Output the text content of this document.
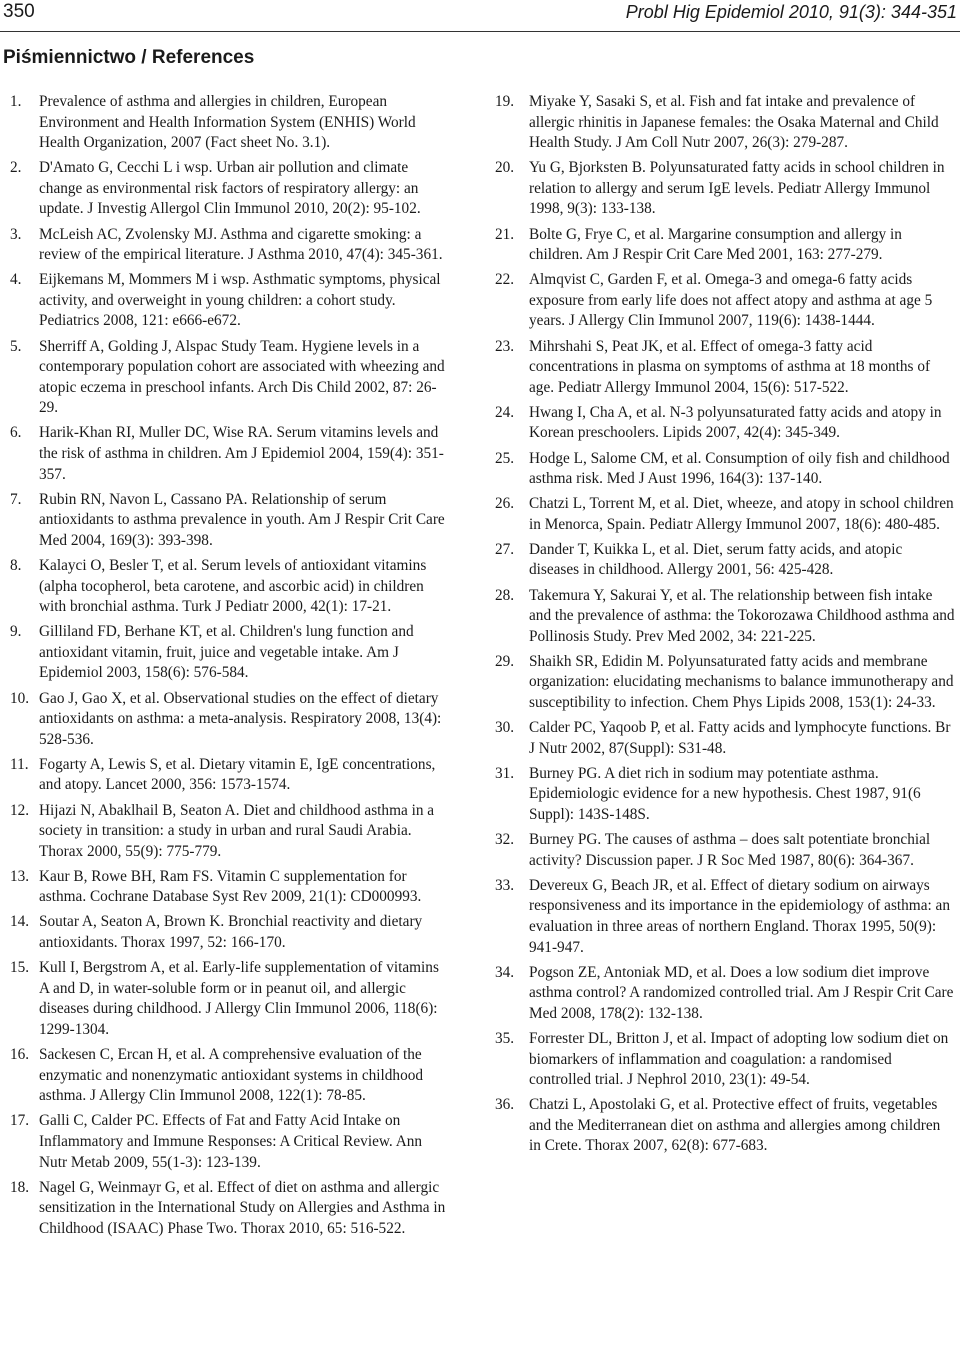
350	Probl Hig Epidemiol 2010, 91(3): 344-351
Piśmiennictwo / References
1. Prevalence of asthma and allergies in children, European Environment and Health Information System (ENHIS) World Health Organization, 2007 (Fact sheet No. 3.1).
2. D'Amato G, Cecchi L i wsp. Urban air pollution and climate change as environmental risk factors of respiratory allergy: an update. J Investig Allergol Clin Immunol 2010, 20(2): 95-102.
3. McLeish AC, Zvolensky MJ. Asthma and cigarette smoking: a review of the empirical literature. J Asthma 2010, 47(4): 345-361.
4. Eijkemans M, Mommers M i wsp. Asthmatic symptoms, physical activity, and overweight in young children: a cohort study. Pediatrics 2008, 121: e666-e672.
5. Sherriff A, Golding J, Alspac Study Team. Hygiene levels in a contemporary population cohort are associated with wheezing and atopic eczema in preschool infants. Arch Dis Child 2002, 87: 26-29.
6. Harik-Khan RI, Muller DC, Wise RA. Serum vitamins levels and the risk of asthma in children. Am J Epidemiol 2004, 159(4): 351-357.
7. Rubin RN, Navon L, Cassano PA. Relationship of serum antioxidants to asthma prevalence in youth. Am J Respir Crit Care Med 2004, 169(3): 393-398.
8. Kalayci O, Besler T, et al. Serum levels of antioxidant vitamins (alpha tocopherol, beta carotene, and ascorbic acid) in children with bronchial asthma. Turk J Pediatr 2000, 42(1): 17-21.
9. Gilliland FD, Berhane KT, et al. Children's lung function and antioxidant vitamin, fruit, juice and vegetable intake. Am J Epidemiol 2003, 158(6): 576-584.
10. Gao J, Gao X, et al. Observational studies on the effect of dietary antioxidants on asthma: a meta-analysis. Respiratory 2008, 13(4): 528-536.
11. Fogarty A, Lewis S, et al. Dietary vitamin E, IgE concentrations, and atopy. Lancet 2000, 356: 1573-1574.
12. Hijazi N, Abaklhail B, Seaton A. Diet and childhood asthma in a society in transition: a study in urban and rural Saudi Arabia. Thorax 2000, 55(9): 775-779.
13. Kaur B, Rowe BH, Ram FS. Vitamin C supplementation for asthma. Cochrane Database Syst Rev 2009, 21(1): CD000993.
14. Soutar A, Seaton A, Brown K. Bronchial reactivity and dietary antioxidants. Thorax 1997, 52: 166-170.
15. Kull I, Bergstrom A, et al. Early-life supplementation of vitamins A and D, in water-soluble form or in peanut oil, and allergic diseases during childhood. J Allergy Clin Immunol 2006, 118(6): 1299-1304.
16. Sackesen C, Ercan H, et al. A comprehensive evaluation of the enzymatic and nonenzymatic antioxidant systems in childhood asthma. J Allergy Clin Immunol 2008, 122(1): 78-85.
17. Galli C, Calder PC. Effects of Fat and Fatty Acid Intake on Inflammatory and Immune Responses: A Critical Review. Ann Nutr Metab 2009, 55(1-3): 123-139.
18. Nagel G, Weinmayr G, et al. Effect of diet on asthma and allergic sensitization in the International Study on Allergies and Asthma in Childhood (ISAAC) Phase Two. Thorax 2010, 65: 516-522.
19. Miyake Y, Sasaki S, et al. Fish and fat intake and prevalence of allergic rhinitis in Japanese females: the Osaka Maternal and Child Health Study. J Am Coll Nutr 2007, 26(3): 279-287.
20. Yu G, Bjorksten B. Polyunsaturated fatty acids in school children in relation to allergy and serum IgE levels. Pediatr Allergy Immunol 1998, 9(3): 133-138.
21. Bolte G, Frye C, et al. Margarine consumption and allergy in children. Am J Respir Crit Care Med 2001, 163: 277-279.
22. Almqvist C, Garden F, et al. Omega-3 and omega-6 fatty acids exposure from early life does not affect atopy and asthma at age 5 years. J Allergy Clin Immunol 2007, 119(6): 1438-1444.
23. Mihrshahi S, Peat JK, et al. Effect of omega-3 fatty acid concentrations in plasma on symptoms of asthma at 18 months of age. Pediatr Allergy Immunol 2004, 15(6): 517-522.
24. Hwang I, Cha A, et al. N-3 polyunsaturated fatty acids and atopy in Korean preschoolers. Lipids 2007, 42(4): 345-349.
25. Hodge L, Salome CM, et al. Consumption of oily fish and childhood asthma risk. Med J Aust 1996, 164(3): 137-140.
26. Chatzi L, Torrent M, et al. Diet, wheeze, and atopy in school children in Menorca, Spain. Pediatr Allergy Immunol 2007, 18(6): 480-485.
27. Dander T, Kuikka L, et al. Diet, serum fatty acids, and atopic diseases in childhood. Allergy 2001, 56: 425-428.
28. Takemura Y, Sakurai Y, et al. The relationship between fish intake and the prevalence of asthma: the Tokorozawa Childhood asthma and Pollinosis Study. Prev Med 2002, 34: 221-225.
29. Shaikh SR, Edidin M. Polyunsaturated fatty acids and membrane organization: elucidating mechanisms to balance immunotherapy and susceptibility to infection. Chem Phys Lipids 2008, 153(1): 24-33.
30. Calder PC, Yaqoob P, et al. Fatty acids and lymphocyte functions. Br J Nutr 2002, 87(Suppl): S31-48.
31. Burney PG. A diet rich in sodium may potentiate asthma. Epidemiologic evidence for a new hypothesis. Chest 1987, 91(6 Suppl): 143S-148S.
32. Burney PG. The causes of asthma – does salt potentiate bronchial activity? Discussion paper. J R Soc Med 1987, 80(6): 364-367.
33. Devereux G, Beach JR, et al. Effect of dietary sodium on airways responsiveness and its importance in the epidemiology of asthma: an evaluation in three areas of northern England. Thorax 1995, 50(9): 941-947.
34. Pogson ZE, Antoniak MD, et al. Does a low sodium diet improve asthma control? A randomized controlled trial. Am J Respir Crit Care Med 2008, 178(2): 132-138.
35. Forrester DL, Britton J, et al. Impact of adopting low sodium diet on biomarkers of inflammation and coagulation: a randomised controlled trial. J Nephrol 2010, 23(1): 49-54.
36. Chatzi L, Apostolaki G, et al. Protective effect of fruits, vegetables and the Mediterranean diet on asthma and allergies among children in Crete. Thorax 2007, 62(8): 677-683.
